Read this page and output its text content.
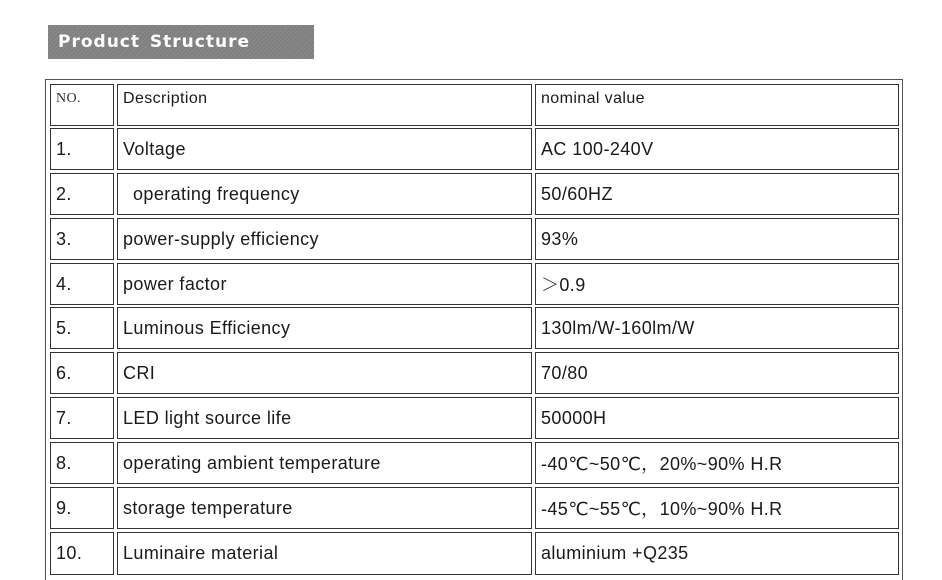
Product Structure
NO.	Description	nominal value
1.	Voltage	AC 100-240V
2.	operating frequency	50/60HZ
3.	power-supply efficiency	93%
4.	power factor	＞0.9
5.	Luminous Efficiency	130lm/W-160lm/W
6.	CRI	70/80
7.	LED light source life	50000H
8.	operating ambient temperature	-40℃~50℃，20%~90% H.R
9.	storage temperature	-45℃~55℃，10%~90% H.R
10.	Luminaire material	aluminium +Q235
